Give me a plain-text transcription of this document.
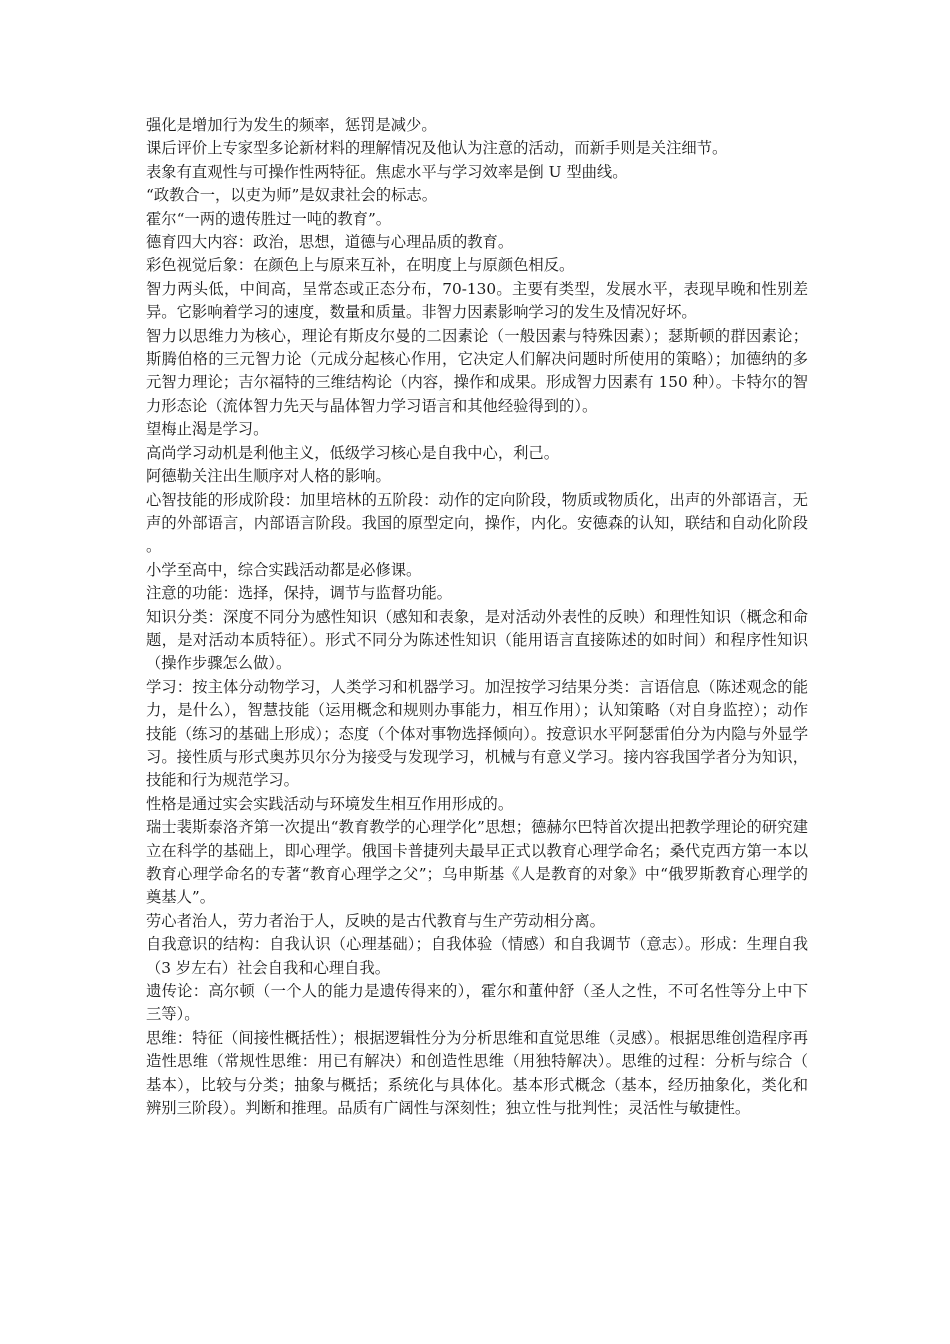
强化是增加行为发生的频率，惩罚是减少。

课后评价上专家型多论新材料的理解情况及他认为注意的活动，而新手则是关注细节。

表象有直观性与可操作性两特征。焦虑水平与学习效率是倒 U 型曲线。

“政教合一，以吏为师”是奴隶社会的标志。

霍尔“一两的遗传胜过一吨的教育”。

德育四大内容：政治，思想，道德与心理品质的教育。

彩色视觉后象：在颜色上与原来互补，在明度上与原颜色相反。

智力两头低，中间高，呈常态或正态分布，70-130。主要有类型，发展水平，表现早晚和性别差异。它影响着学习的速度，数量和质量。非智力因素影响学习的发生及情况好坏。

智力以思维力为核心，理论有斯皮尔曼的二因素论（一般因素与特殊因素）；瑟斯顿的群因素论；斯腾伯格的三元智力论（元成分起核心作用，它决定人们解决问题时所使用的策略）；加德纳的多元智力理论；吉尔福特的三维结构论（内容，操作和成果。形成智力因素有 150 种）。卡特尔的智力形态论（流体智力先天与晶体智力学习语言和其他经验得到的）。

望梅止渴是学习。

高尚学习动机是利他主义，低级学习核心是自我中心，利己。

阿德勒关注出生顺序对人格的影响。

心智技能的形成阶段：加里培林的五阶段：动作的定向阶段，物质或物质化，出声的外部语言，无声的外部语言，内部语言阶段。我国的原型定向，操作，内化。安德森的认知，联结和自动化阶段。

小学至高中，综合实践活动都是必修课。

注意的功能：选择，保持，调节与监督功能。

知识分类：深度不同分为感性知识（感知和表象，是对活动外表性的反映）和理性知识（概念和命题，是对活动本质特征）。形式不同分为陈述性知识（能用语言直接陈述的如时间）和程序性知识（操作步骤怎么做）。

学习：按主体分动物学习，人类学习和机器学习。加涅按学习结果分类：言语信息（陈述观念的能力，是什么），智慧技能（运用概念和规则办事能力，相互作用）；认知策略（对自身监控）；动作技能（练习的基础上形成）；态度（个体对事物选择倾向）。按意识水平阿瑟雷伯分为内隐与外显学习。接性质与形式奥苏贝尔分为接受与发现学习，机械与有意义学习。接内容我国学者分为知识，技能和行为规范学习。

性格是通过实会实践活动与环境发生相互作用形成的。

瑞士裴斯泰洛齐第一次提出“教育教学的心理学化”思想；德赫尔巴特首次提出把教学理论的研究建立在科学的基础上，即心理学。俄国卡普捷列夫最早正式以教育心理学命名；桑代克西方第一本以教育心理学命名的专著“教育心理学之父”；乌申斯基《人是教育的对象》中“俄罗斯教育心理学的奠基人”。

劳心者治人，劳力者治于人，反映的是古代教育与生产劳动相分离。

自我意识的结构：自我认识（心理基础）；自我体验（情感）和自我调节（意志）。形成：生理自我（3 岁左右）社会自我和心理自我。

遗传论：高尔顿（一个人的能力是遗传得来的），霍尔和董仲舒（圣人之性，不可名性等分上中下三等）。

思维：特征（间接性概括性）；根据逻辑性分为分析思维和直觉思维（灵感）。根据思维创造程序再造性思维（常规性思维：用已有解决）和创造性思维（用独特解决）。思维的过程：分析与综合（基本），比较与分类；抽象与概括；系统化与具体化。基本形式概念（基本，经历抽象化，类化和辨别三阶段）。判断和推理。品质有广阔性与深刻性；独立性与批判性；灵活性与敏捷性。
